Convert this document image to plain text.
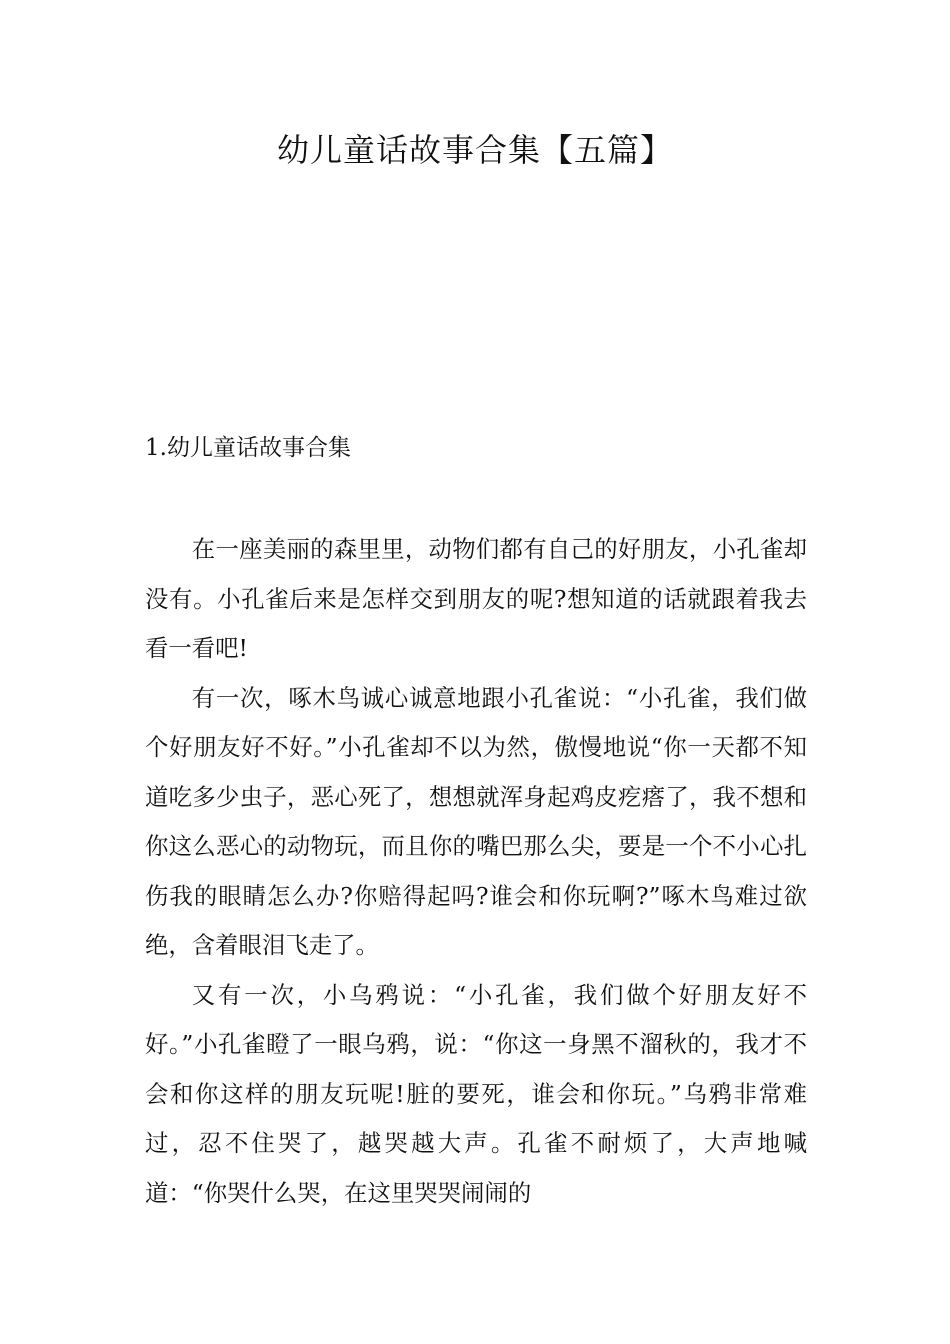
幼儿童话故事合集【五篇】
1.幼儿童话故事合集

在一座美丽的森里里，动物们都有自己的好朋友，小孔雀却没有。小孔雀后来是怎样交到朋友的呢?想知道的话就跟着我去看一看吧!

有一次，啄木鸟诚心诚意地跟小孔雀说：“小孔雀，我们做个好朋友好不好。”小孔雀却不以为然，傲慢地说“你一天都不知道吃多少虫子，恶心死了，想想就浑身起鸡皮疙瘩了，我不想和你这么恶心的动物玩，而且你的嘴巴那么尖，要是一个不小心扎伤我的眼睛怎么办?你赔得起吗?谁会和你玩啊?”啄木鸟难过欲绝，含着眼泪飞走了。

又有一次，小乌鸦说：“小孔雀，我们做个好朋友好不好。”小孔雀瞪了一眼乌鸦，说：“你这一身黑不溜秋的，我才不会和你这样的朋友玩呢!脏的要死，谁会和你玩。”乌鸦非常难过，忍不住哭了，越哭越大声。孔雀不耐烦了，大声地喊道：“你哭什么哭，在这里哭哭闹闹的
